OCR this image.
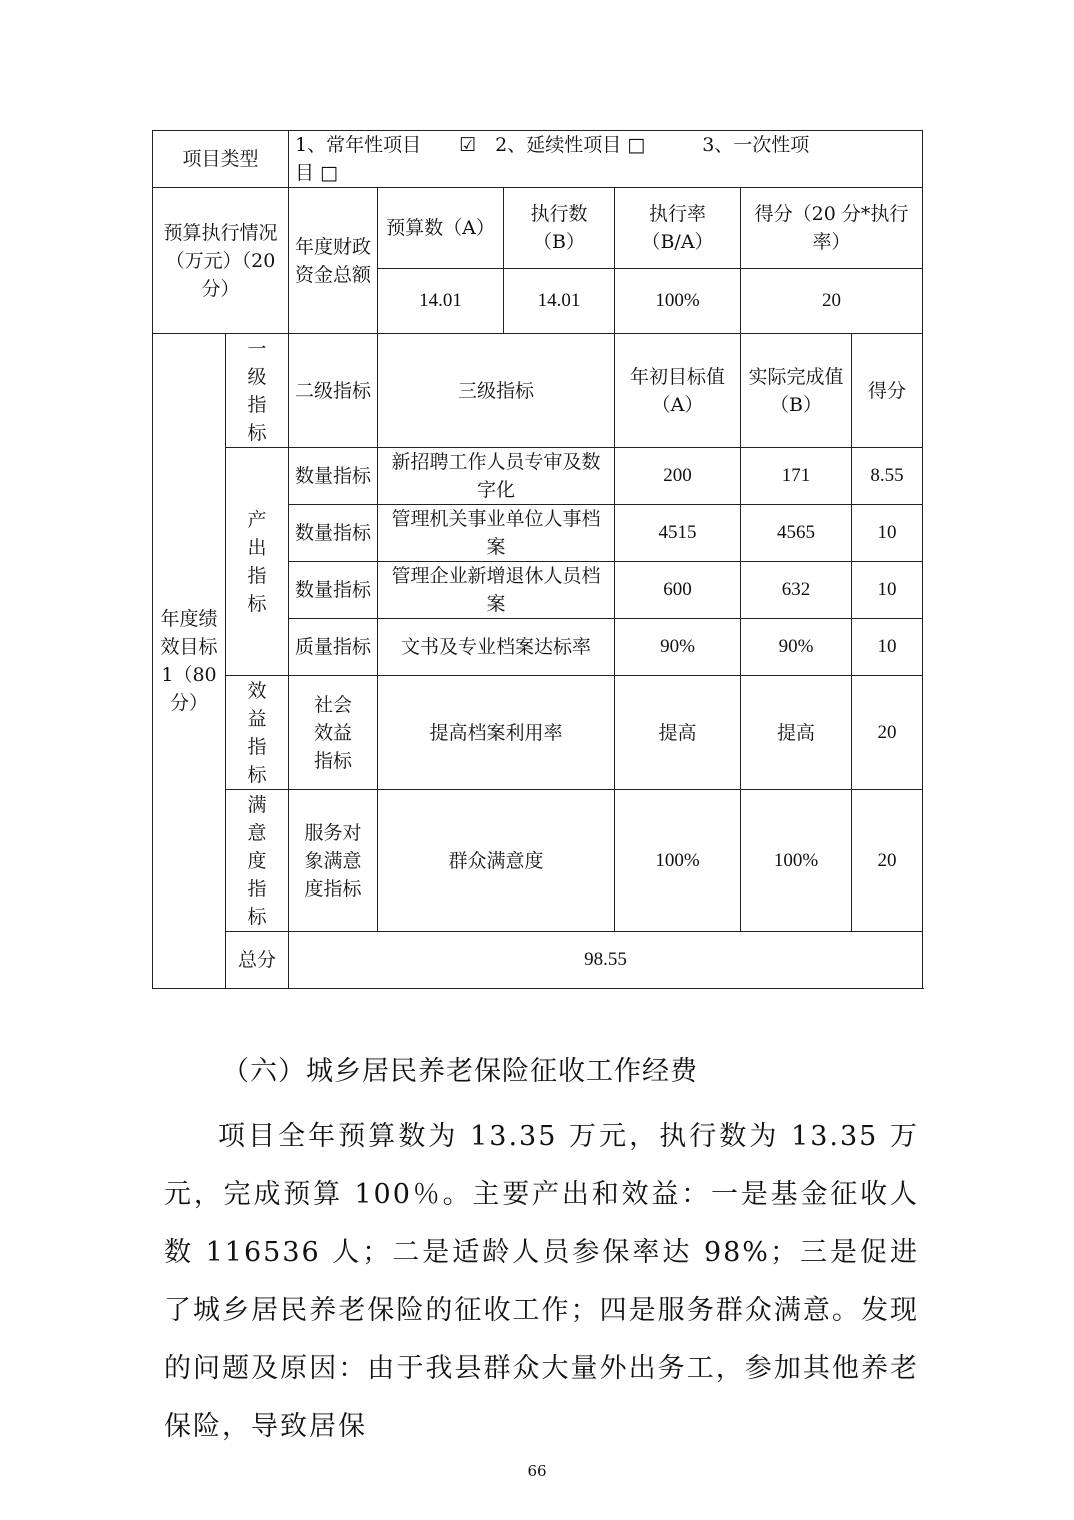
项目类型		1、常年性项目　　☑　2、延续性项目 □　　　3、一次性项
目 □					

预算执行情况（万元）（20 分）		年度财政资金总额	预算数（A）	执行数（B）	执行率（B/A）	得分（20 分*执行率）	
			14.01	14.01	100%	20	
年度绩效目标 1（80 分）	一级指标	二级指标	三级指标		年初目标值（A）	实际完成值（B）	得分
	产出指标	数量指标	新招聘工作人员专审及数字化		200	171	8.55
		数量指标	管理机关事业单位人事档案		4515	4565	10
		数量指标	管理企业新增退休人员档案		600	632	10
		质量指标	文书及专业档案达标率		90%	90%	10
	效益指标	社会效益指标	提高档案利用率		提高	提高	20
	满意度指标	服务对象满意度指标	群众满意度		100%	100%	20
	总分	98.55					
（六）城乡居民养老保险征收工作经费

项目全年预算数为 13.35 万元，执行数为 13.35 万元，完成预算 100％。主要产出和效益：一是基金征收人数 116536 人；二是适龄人员参保率达 98%；三是促进了城乡居民养老保险的征收工作；四是服务群众满意。发现的问题及原因：由于我县群众大量外出务工，参加其他养老保险，导致居保

66
